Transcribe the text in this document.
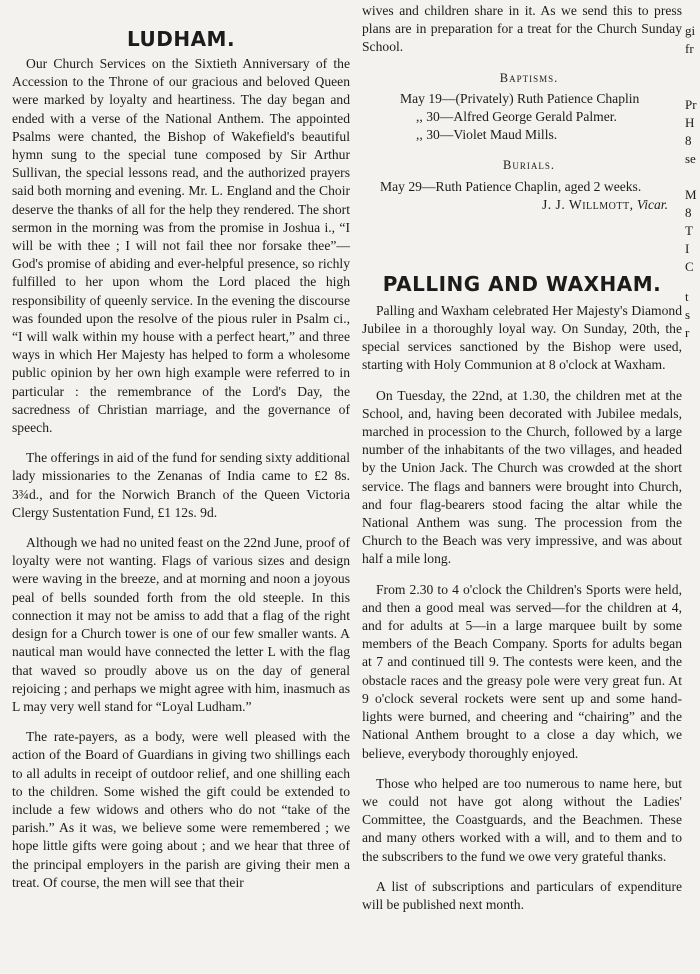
LUDHAM.

Our Church Services on the Sixtieth Anniversary of the Accession to the Throne of our gracious and beloved Queen were marked by loyalty and heartiness. The day began and ended with a verse of the National Anthem. The appointed Psalms were chanted, the Bishop of Wakefield's beautiful hymn sung to the special tune composed by Sir Arthur Sullivan, the special lessons read, and the authorized prayers said both morning and evening. Mr. L. England and the Choir deserve the thanks of all for the help they rendered. The short sermon in the morning was from the promise in Joshua i., “I will be with thee ; I will not fail thee nor forsake thee”—God's promise of abiding and ever-helpful presence, so richly fulfilled to her upon whom the Lord placed the high responsibility of queenly service. In the evening the discourse was founded upon the resolve of the pious ruler in Psalm ci., “I will walk within my house with a perfect heart,” and three ways in which Her Majesty has helped to form a wholesome public opinion by her own high example were referred to in particular : the remembrance of the Lord's Day, the sacredness of Christian marriage, and the governance of speech.

The offerings in aid of the fund for sending sixty additional lady missionaries to the Zenanas of India came to £2 8s. 3¾d., and for the Norwich Branch of the Queen Victoria Clergy Sustentation Fund, £1 12s. 9d.

Although we had no united feast on the 22nd June, proof of loyalty were not wanting. Flags of various sizes and design were waving in the breeze, and at morning and noon a joyous peal of bells sounded forth from the old steeple. In this connection it may not be amiss to add that a flag of the right design for a Church tower is one of our few smaller wants. A nautical man would have connected the letter L with the flag that waved so proudly above us on the day of general rejoicing ; and perhaps we might agree with him, inasmuch as L may very well stand for “Loyal Ludham.”

The rate-payers, as a body, were well pleased with the action of the Board of Guardians in giving two shillings each to all adults in receipt of outdoor relief, and one shilling each to the children. Some wished the gift could be extended to include a few widows and others who do not “take of the parish.” As it was, we believe some were remembered ; we hope little gifts were going about ; and we hear that three of the principal employers in the parish are giving their men a treat. Of course, the men will see that their

wives and children share in it. As we send this to press plans are in preparation for a treat for the Church Sunday School.

Baptisms.

May 19—(Privately) Ruth Patience Chaplin

,, 30—Alfred George Gerald Palmer.

,, 30—Violet Maud Mills.

Burials.

May 29—Ruth Patience Chaplin, aged 2 weeks.

J. J. Willmott, Vicar.

PALLING AND WAXHAM.

Palling and Waxham celebrated Her Majesty's Diamond Jubilee in a thoroughly loyal way. On Sunday, 20th, the special services sanctioned by the Bishop were used, starting with Holy Communion at 8 o'clock at Waxham.

On Tuesday, the 22nd, at 1.30, the children met at the School, and, having been decorated with Jubilee medals, marched in procession to the Church, followed by a large number of the inhabitants of the two villages, and headed by the Union Jack. The Church was crowded at the short service. The flags and banners were brought into Church, and four flag-bearers stood facing the altar while the National Anthem was sung. The procession from the Church to the Beach was very impressive, and was about half a mile long.

From 2.30 to 4 o'clock the Children's Sports were held, and then a good meal was served—for the children at 4, and for adults at 5—in a large marquee built by some members of the Beach Company. Sports for adults began at 7 and continued till 9. The contests were keen, and the obstacle races and the greasy pole were very great fun. At 9 o'clock several rockets were sent up and some hand-lights were burned, and cheering and “chairing” and the National Anthem brought to a close a day which, we believe, everybody thoroughly enjoyed.

Those who helped are too numerous to name here, but we could not have got along without the Ladies' Committee, the Coastguards, and the Beachmen. These and many others worked with a will, and to them and to the subscribers to the fund we owe very grateful thanks.

A list of subscriptions and particulars of expenditure will be published next month.

gi
fr
Pr
H
8
se
M
8
T
I
C
t
s
r
